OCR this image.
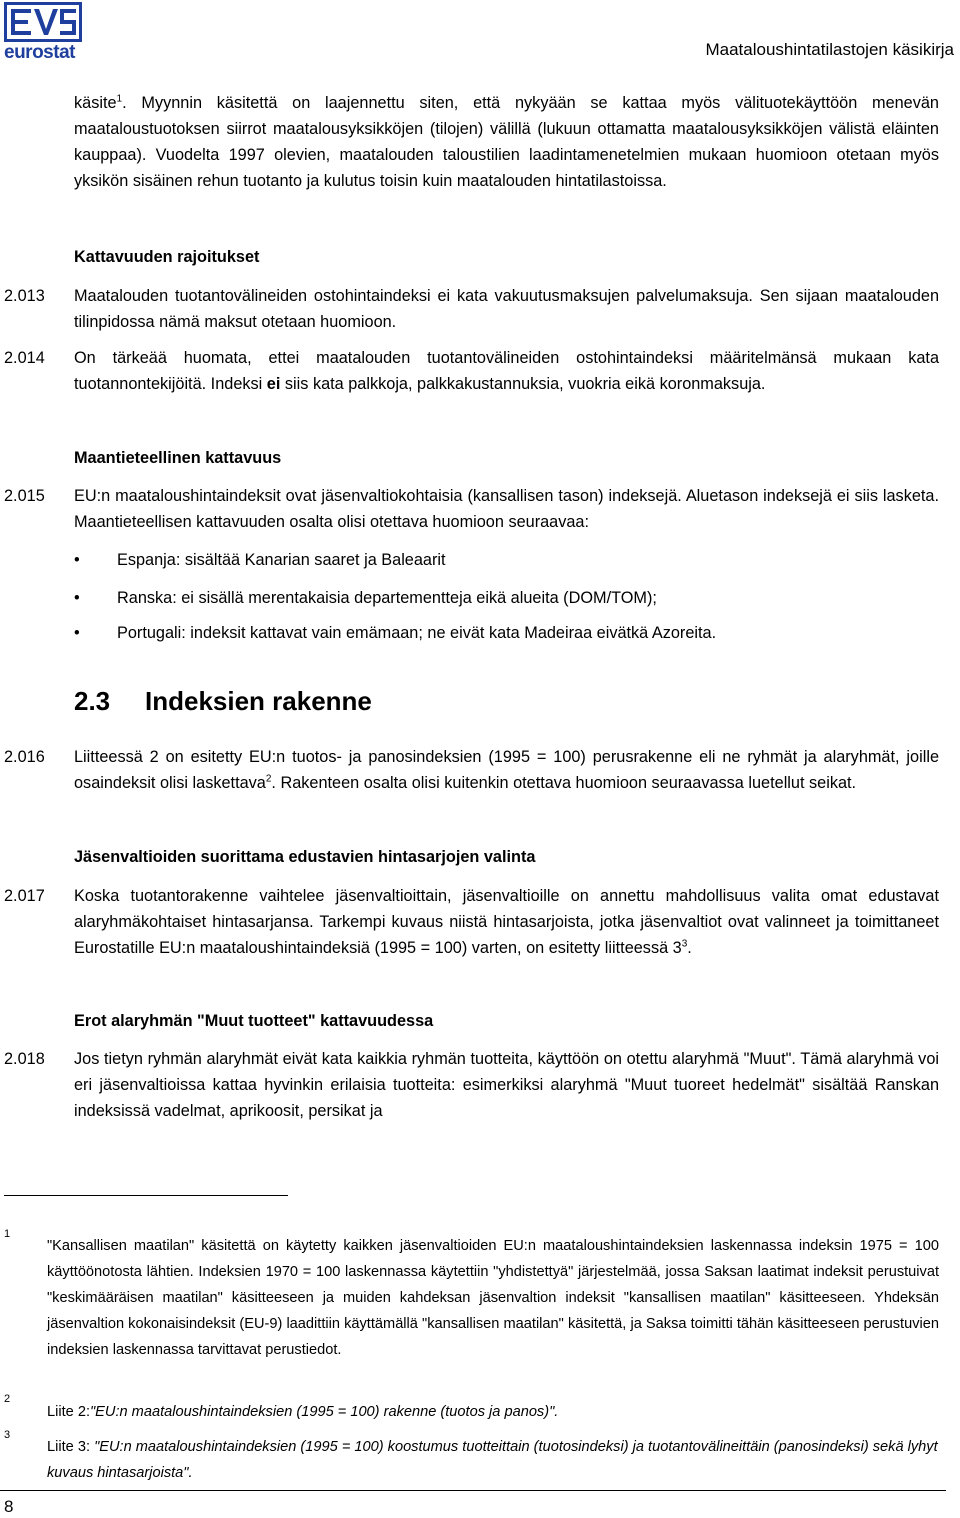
eurostat	Maataloushintatilastojen käsikirja
käsite$^1$. Myynnin käsitettä on laajennettu siten, että nykyään se kattaa myös välituotekäyttöön menevän maataloustuotoksen siirrot maatalousyksikköjen (tilojen) välillä (lukuun ottamatta maatalousyksikköjen välistä eläinten kauppaa). Vuodelta 1997 olevien, maatalouden taloustilien laadintamenetelmien mukaan huomioon otetaan myös yksikön sisäinen rehun tuotanto ja kulutus toisin kuin maatalouden hintatilastoissa.
Kattavuuden rajoitukset
2.013 Maatalouden tuotantovälineiden ostohintaindeksi ei kata vakuutusmaksujen palvelumaksuja. Sen sijaan maatalouden tilinpidossa nämä maksut otetaan huomioon.
2.014 On tärkeää huomata, ettei maatalouden tuotantovälineiden ostohintaindeksi määritelmänsä mukaan kata tuotannontekijöitä. Indeksi ei siis kata palkkoja, palkkakustannuksia, vuokria eikä koronmaksuja.
Maantieteellinen kattavuus
2.015 EU:n maataloushintaindeksit ovat jäsenvaltiokohtaisia (kansallisen tason) indeksejä. Aluetason indeksejä ei siis lasketa. Maantieteellisen kattavuuden osalta olisi otettava huomioon seuraavaa:
• Espanja: sisältää Kanarian saaret ja Baleaarit
• Ranska: ei sisällä merentakaisia departementteja eikä alueita (DOM/TOM);
• Portugali: indeksit kattavat vain emämaan; ne eivät kata Madeiraa eivätkä Azoreita.
2.3 Indeksien rakenne
2.016 Liitteessä 2 on esitetty EU:n tuotos- ja panosindeksien (1995 = 100) perusrakenne eli ne ryhmät ja alaryhmät, joille osaindeksit olisi laskettava$^2$. Rakenteen osalta olisi kuitenkin otettava huomioon seuraavassa luetellut seikat.
Jäsenvaltioiden suorittama edustavien hintasarjojen valinta
2.017 Koska tuotantorakenne vaihtelee jäsenvaltioittain, jäsenvaltioille on annettu mahdollisuus valita omat edustavat alaryhmäkohtaiset hintasarjansa. Tarkempi kuvaus niistä hintasarjoista, jotka jäsenvaltiot ovat valinneet ja toimittaneet Eurostatille EU:n maataloushintaindeksiä (1995 = 100) varten, on esitetty liitteessä $3^3$.
Erot alaryhmän "Muut tuotteet" kattavuudessa
2.018 Jos tietyn ryhmän alaryhmät eivät kata kaikkia ryhmän tuotteita, käyttöön on otettu alaryhmä "Muut". Tämä alaryhmä voi eri jäsenvaltioissa kattaa hyvinkin erilaisia tuotteita: esimerkiksi alaryhmä "Muut tuoreet hedelmät" sisältää Ranskan indeksissä vadelmat, aprikoosit, persikat ja
1
"Kansallisen maatilan" käsitettä on käytetty kaikken jäsenvaltioiden EU:n maataloushintaindeksien laskennassa indeksin 1975 = 100 käyttöönotosta lähtien. Indeksien 1970 = 100 laskennassa käytettiin "yhdistettyä" järjestelmää, jossa Saksan laatimat indeksit perustuivat "keskimääräisen maatilan" käsitteeseen ja muiden kahdeksan jäsenvaltion indeksit "kansallisen maatilan" käsitteeseen. Yhdeksän jäsenvaltion kokonaisindeksit (EU-9) laadittiin käyttämällä "kansallisen maatilan" käsitettä, ja Saksa toimitti tähän käsitteeseen perustuvien indeksien laskennassa tarvittavat perustiedot.
2
Liite 2:"EU:n maataloushintaindeksien (1995 = 100) rakenne (tuotos ja panos)".
3
Liite 3: "EU:n maataloushintaindeksien (1995 = 100) koostumus tuotteittain (tuotosindeksi) ja tuotantovälineittäin (panosindeksi) sekä lyhyt kuvaus hintasarjoista".
8
